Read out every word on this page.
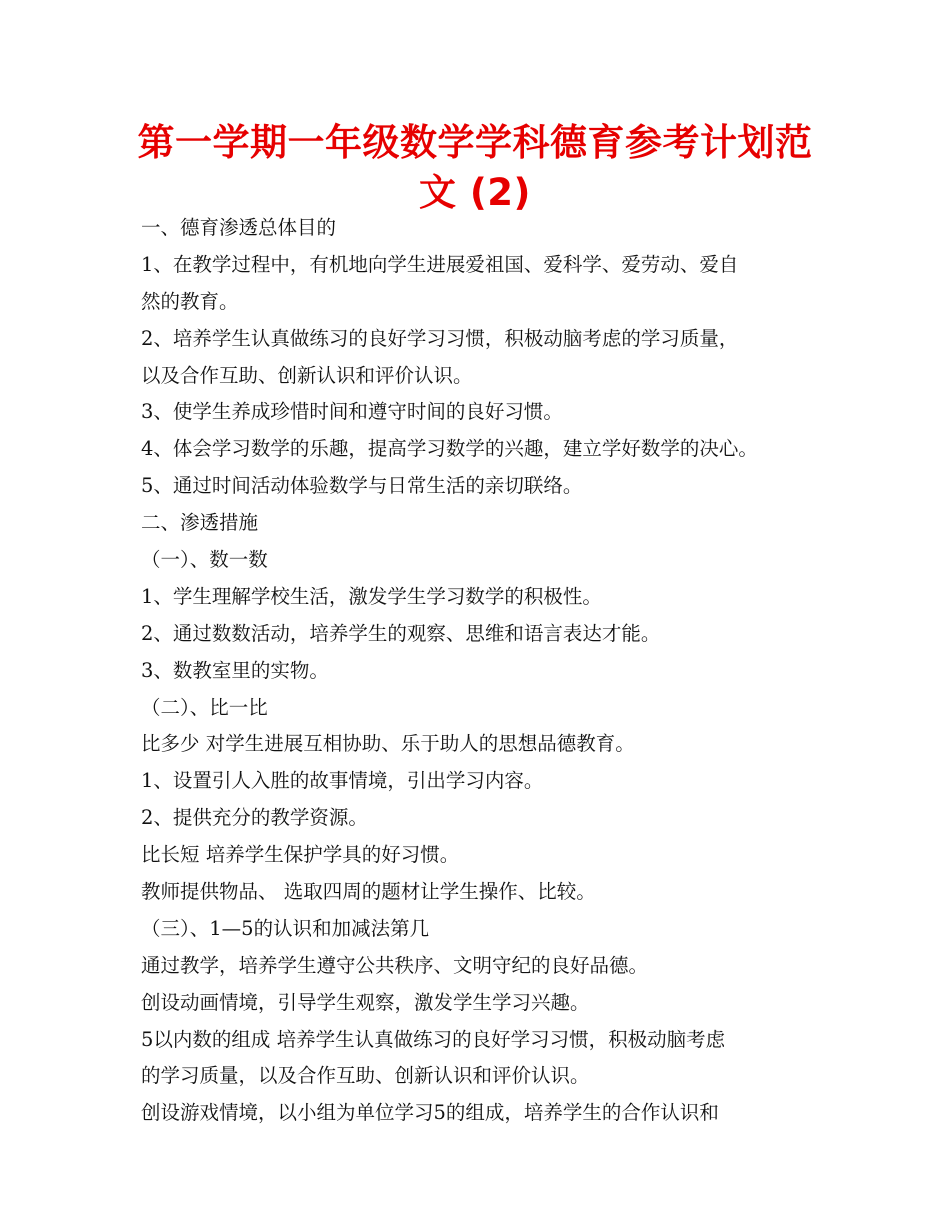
第一学期一年级数学学科德育参考计划范
文 (2)
一、德育渗透总体目的
1、在教学过程中，有机地向学生进展爱祖国、爱科学、爱劳动、爱自
然的教育。
2、培养学生认真做练习的良好学习习惯，积极动脑考虑的学习质量，
以及合作互助、创新认识和评价认识。
3、使学生养成珍惜时间和遵守时间的良好习惯。
4、体会学习数学的乐趣，提高学习数学的兴趣，建立学好数学的决心。
5、通过时间活动体验数学与日常生活的亲切联络。
二、渗透措施
（一）、数一数
1、学生理解学校生活，激发学生学习数学的积极性。
2、通过数数活动，培养学生的观察、思维和语言表达才能。
3、数教室里的实物。
（二）、比一比
比多少 对学生进展互相协助、乐于助人的思想品德教育。
1、设置引人入胜的故事情境，引出学习内容。
2、提供充分的教学资源。
比长短 培养学生保护学具的好习惯。
教师提供物品、 选取四周的题材让学生操作、比较。
（三）、1—5的认识和加减法第几
通过教学，培养学生遵守公共秩序、文明守纪的良好品德。
创设动画情境，引导学生观察，激发学生学习兴趣。
5以内数的组成 培养学生认真做练习的良好学习习惯，积极动脑考虑
的学习质量，以及合作互助、创新认识和评价认识。
创设游戏情境，以小组为单位学习5的组成，培养学生的合作认识和
